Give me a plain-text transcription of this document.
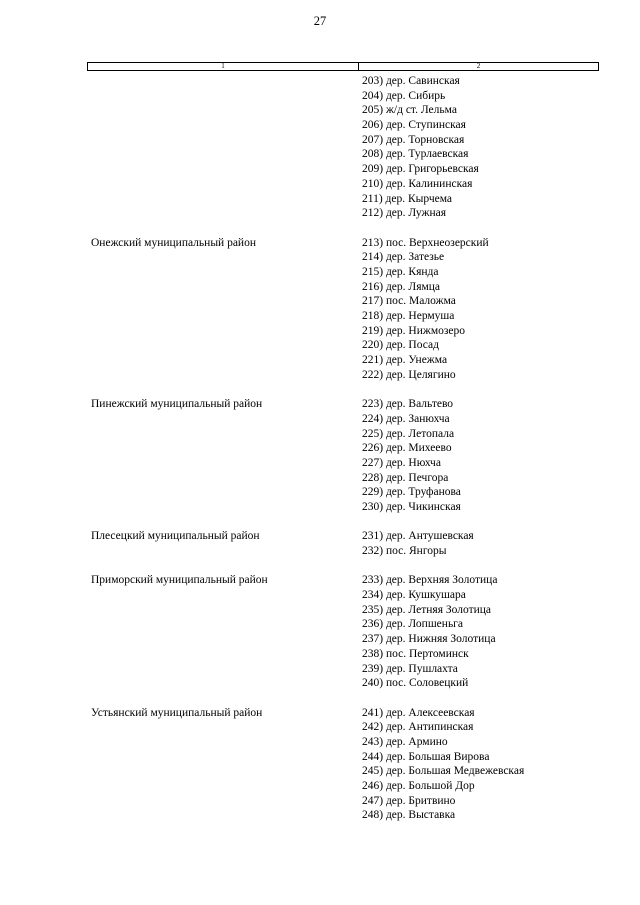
27
1	2
203) дер. Савинская
204) дер. Сибирь
205) ж/д ст. Лельма
206) дер. Ступинская
207) дер. Торновская
208) дер. Турлаевская
209) дер. Григорьевская
210) дер. Калининская
211) дер. Кырчема
212) дер. Лужная
Онежский муниципальный район	213) пос. Верхнеозерский
214) дер. Затезье
215) дер. Кянда
216) дер. Лямца
217) пос. Маложма
218) дер. Нермуша
219) дер. Нижмозеро
220) дер. Посад
221) дер. Унежма
222) дер. Целягино
Пинежский муниципальный район	223) дер. Вальтево
224) дер. Занюхча
225) дер. Летопала
226) дер. Михеево
227) дер. Нюхча
228) дер. Печгора
229) дер. Труфанова
230) дер. Чикинская
Плесецкий муниципальный район	231) дер. Антушевская
232) пос. Янгоры
Приморский муниципальный район	233) дер. Верхняя Золотица
234) дер. Кушкушара
235) дер. Летняя Золотица
236) дер. Лопшеньга
237) дер. Нижняя Золотица
238) пос. Пертоминск
239) дер. Пушлахта
240) пос. Соловецкий
Устьянский муниципальный район	241) дер. Алексеевская
242) дер. Антипинская
243) дер. Армино
244) дер. Большая Вирова
245) дер. Большая Медвежевская
246) дер. Большой Дор
247) дер. Бритвино
248) дер. Выставка
